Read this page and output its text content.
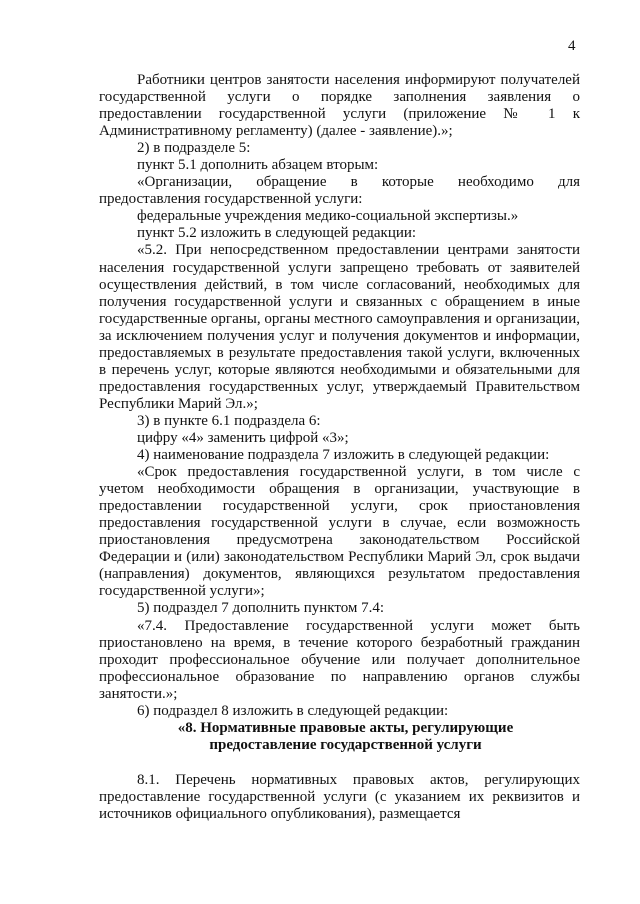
4

Работники центров занятости населения информируют получателей государственной услуги о порядке заполнения заявления о предоставлении государственной услуги (приложение № 1 к Административному регламенту) (далее - заявление).»;

2) в подразделе 5:

пункт 5.1 дополнить абзацем вторым:

«Организации, обращение в которые необходимо для предоставления государственной услуги:

федеральные учреждения медико-социальной экспертизы.»

пункт 5.2 изложить в следующей редакции:

«5.2. При непосредственном предоставлении центрами занятости населения государственной услуги запрещено требовать от заявителей осуществления действий, в том числе согласований, необходимых для получения государственной услуги и связанных с обращением в иные государственные органы, органы местного самоуправления и организации, за исключением получения услуг и получения документов и информации, предоставляемых в результате предоставления такой услуги, включенных в перечень услуг, которые являются необходимыми и обязательными для предоставления государственных услуг, утверждаемый Правительством Республики Марий Эл.»;

3) в пункте 6.1 подраздела 6:

цифру «4» заменить цифрой «3»;

4) наименование подраздела 7 изложить в следующей редакции:

«Срок предоставления государственной услуги, в том числе с учетом необходимости обращения в организации, участвующие в предоставлении государственной услуги, срок приостановления предоставления государственной услуги в случае, если возможность приостановления предусмотрена законодательством Российской Федерации и (или) законодательством Республики Марий Эл, срок выдачи (направления) документов, являющихся результатом предоставления государственной услуги»;

5) подраздел 7 дополнить пунктом 7.4:

«7.4. Предоставление государственной услуги может быть приостановлено на время, в течение которого безработный гражданин проходит профессиональное обучение или получает дополнительное профессиональное образование по направлению органов службы занятости.»;

6) подраздел 8 изложить в следующей редакции:

«8. Нормативные правовые акты, регулирующие
предоставление государственной услуги

8.1. Перечень нормативных правовых актов, регулирующих предоставление государственной услуги (с указанием их реквизитов и источников официального опубликования), размещается
